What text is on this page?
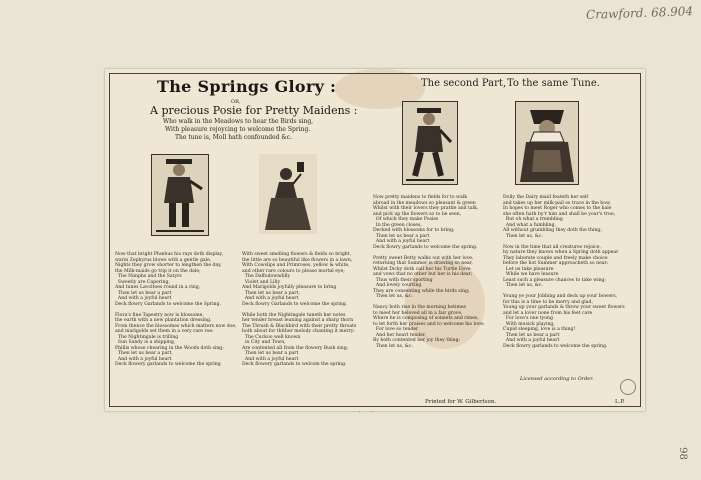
Crawford. 68.904
98
The Springs Glory :
OR,
A precious Posie for Pretty Maidens :
Who walk in the Meadows to hear the Birds sing,
With pleasure rejoycing to welcome the Spring.
The tune is, Moll hath confounded &c.
The second Part, To the same Tune.
Now that bright Phœbus his rays doth display,
warm Zephyrus blows with a gentle gale,
Nights they grow shorter to lengthen the day,
the Milk-maids go trip it on the dale;
The Nimphs and the Satyrs
Sweetly are Capering,
And tunes Lavoltoes round in a ring,
Then let us bear a part
And with a joyful heart
Deck flowry Garlands to welcome the Spring.

Flora's fine Tapestry now is blossome,
the earth with a new plantation dressing,
From thence the blossomes which matters now doe,
and marigolds set them in a very rare roe:
The Nightingale is trilling
Sun Sandy is a shipping,
Phillis whose chearing in the Woods doth sing;
Then let us bear a part,
And with a joyful heart
Deck flowery garlands to welcome the spring
With sweet smelling flowers & fields so bright,
the little are so beautiful like flowers in a lawn,
With Cowslips and Primroses, yellow & white,
and other rare colours to please mortal eye;
The Daffodowndilly
Violet and Lilly
And Marigolds joyfully pleasure to bring
Then let us bear a part,
And with a joyful heart
Deck flowry Garlands to welcome the spring.

While both the Nightingale tuneth her notes
her tender breast leaning against a sharp thorn
The Thrush & Blackbird with their pretty throats
both about for thither melody chanting it merry:
The Cuckoo well known
in City and Town,
Are contented all from the flowery Bush sing;
Then let us bear a part
And with a joyful heart
Deck flowery garlands to welcom the spring.
Now pretty maidens to fields for to walk
abroad in the meadows so pleasant & green
Whilst with their lovers they prattle and talk,
and pick up the flowers so to be seen,
Of which they make Posies
In the green closes,
Decked with blossoms for to bring;
Then let us bear a part
And with a joyful heart
Deck flowry garlands to welcome the spring.

Pretty sweet Betty walks out with her love,
returning that Summer is drawing so near,
Whilst Dicky doth call her his Turtle Dove
and vows that no other but her is his dear;
Thus with their sporting
And lovely courting
They are consenting while the birds sing;
Then let us, &c.

Nancy both rise in the morning betimes
to meet her beloved all in a fair grove,
Where he is composing of sonnets and rimes,
to let forth her praises and to welcome his love:
For love so tender
And her heart tender,
By both contented her joy they thing:
Then let us, &c.
Dolly the Dairy maid feateth her self
and takes up her milk-pail so trace in the bow,
In hopes to meet Roger who comes to the bale
she often hath by'r him and shall be your's true;
But oh what a trembling
And what a fumbling,
All without grumbling they doth the thing;
Then let us, &c.

Now in the time that all creatures rejoice,
by nature they knows when a Spring doth appear
They laborate couple and freely make choice
before the hot Summer approacheth so near:
Let us take pleasure
While we have leasure
Least such a pleasure chances to take wing;
Then let us, &c.

Young ye your Jobbing and deck up your bowers,
for this is a time to be merry and glad,
Young up your garlands & throw your sweet flowers
and let a lover none from his feet care
For love's one tyong
With musick playing,
Cupid sleeping, love is a thing!
Then let us bear a part
And with a joyful heart
Deck flowry garlands to welcome the spring.
Licensed according to Order.
Printed for W. Gilbertson.	L.P.
